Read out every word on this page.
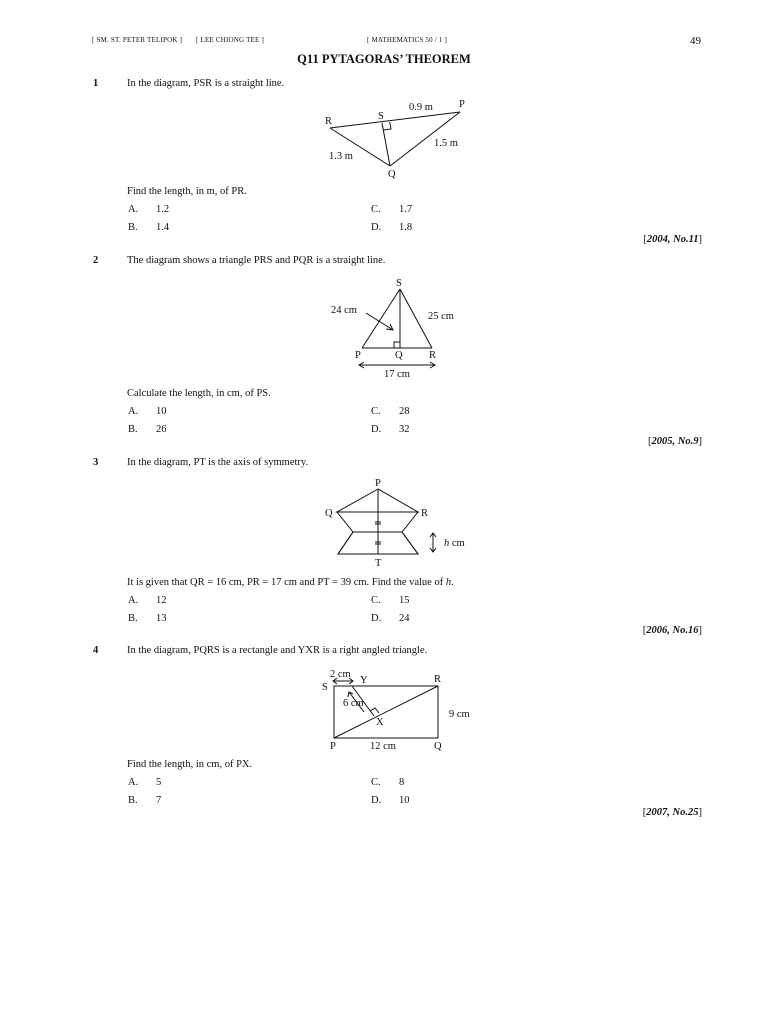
[ SM. ST. PETER TELIPOK ] [ LEE CHIONG TEE ]	[ MATHEMATICS 50 / 1 ]	49
Q11 PYTAGORAS’ THEOREM
1	In the diagram, PSR is a straight line.
P
R	S
Q
0.9 m
1.5 m
1.3 m
S
P	Q	R
24 cm
25 cm
17 cm
P
Q	R
T
h cm
2 cm
S
Y	R
6 cm
X
9 cm
P	12 cm	Q
Find the length, in m, of PR.
A. 1.2
B. 1.4
C. 1.7
D. 1.8
[2004, No.11]
2	The diagram shows a triangle PRS and PQR is a straight line.
Calculate the length, in cm, of PS.
A. 10
B. 26
C. 28
D. 32
[2005, No.9]
3	In the diagram, PT is the axis of symmetry.
It is given that QR = 16 cm, PR = 17 cm and PT = 39 cm. Find the value of h.
A. 12
B. 13
C. 15
D. 24
[2006, No.16]
4	In the diagram, PQRS is a rectangle and YXR is a right angled triangle.
Find the length, in cm, of PX.
A. 5
B. 7
C. 8
D. 10
[2007, No.25]
